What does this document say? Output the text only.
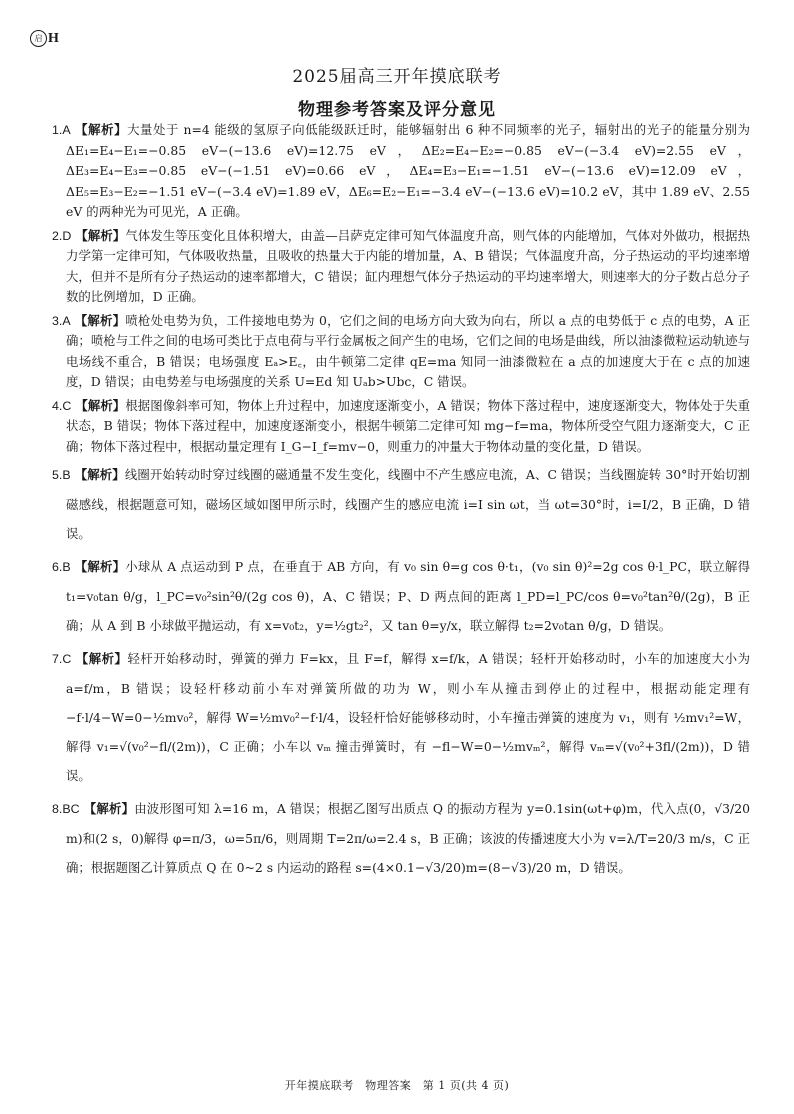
启 H
2025届高三开年摸底联考
物理参考答案及评分意见
1.A 【解析】大量处于 n=4 能级的氢原子向低能级跃迁时，能够辐射出 6 种不同频率的光子，辐射出的光子的能量分别为 ΔE₁=E₄−E₁=−0.85 eV−(−13.6 eV)=12.75 eV，ΔE₂=E₄−E₂=−0.85 eV−(−3.4 eV)=2.55 eV，ΔE₃=E₄−E₃=−0.85 eV−(−1.51 eV)=0.66 eV，ΔE₄=E₃−E₁=−1.51 eV−(−13.6 eV)=12.09 eV，ΔE₅=E₃−E₂=−1.51 eV−(−3.4 eV)=1.89 eV，ΔE₆=E₂−E₁=−3.4 eV−(−13.6 eV)=10.2 eV，其中 1.89 eV、2.55 eV 的两种光为可见光，A 正确。
2.D 【解析】气体发生等压变化且体积增大，由盖—吕萨克定律可知气体温度升高，则气体的内能增加，气体对外做功，根据热力学第一定律可知，气体吸收热量，且吸收的热量大于内能的增加量，A、B 错误；气体温度升高，分子热运动的平均速率增大，但并不是所有分子热运动的速率都增大，C 错误；缸内理想气体分子热运动的平均速率增大，则速率大的分子数占总分子数的比例增加，D 正确。
3.A 【解析】喷枪处电势为负，工件接地电势为 0，它们之间的电场方向大致为向右，所以 a 点的电势低于 c 点的电势，A 正确；喷枪与工件之间的电场可类比于点电荷与平行金属板之间产生的电场，它们之间的电场是曲线，所以油漆微粒运动轨迹与电场线不重合，B 错误；电场强度 Eₐ>E꜀，由牛顿第二定律 qE=ma 知同一油漆微粒在 a 点的加速度大于在 c 点的加速度，D 错误；由电势差与电场强度的关系 U=Ed 知 Uₐb>Ubc，C 错误。
4.C 【解析】根据图像斜率可知，物体上升过程中，加速度逐渐变小，A 错误；物体下落过程中，速度逐渐变大，物体处于失重状态，B 错误；物体下落过程中，加速度逐渐变小，根据牛顿第二定律可知 mg−f=ma，物体所受空气阻力逐渐变大，C 正确；物体下落过程中，根据动量定理有 I_G−I_f=mv−0，则重力的冲量大于物体动量的变化量，D 错误。
5.B 【解析】线圈开始转动时穿过线圈的磁通量不发生变化，线圈中不产生感应电流，A、C 错误；当线圈旋转 30°时开始切割磁感线，根据题意可知，磁场区域如图甲所示时，线圈产生的感应电流 i=I sin ωt，当 ωt=30°时，i=I/2，B 正确，D 错误。
6.B 【解析】小球从 A 点运动到 P 点，在垂直于 AB 方向，有 v₀ sin θ=g cos θ·t₁，(v₀ sin θ)²=2g cos θ·l_PC，联立解得 t₁=v₀tan θ/g，l_PC=v₀²sin²θ/(2g cos θ)，A、C 错误；P、D 两点间的距离 l_PD=l_PC/cos θ=v₀²tan²θ/(2g)，B 正确；从 A 到 B 小球做平抛运动，有 x=v₀t₂，y=½gt₂²，又 tan θ=y/x，联立解得 t₂=2v₀tan θ/g，D 错误。
7.C 【解析】轻杆开始移动时，弹簧的弹力 F=kx，且 F=f，解得 x=f/k，A 错误；轻杆开始移动时，小车的加速度大小为 a=f/m，B 错误；设轻杆移动前小车对弹簧所做的功为 W，则小车从撞击到停止的过程中，根据动能定理有 −f·l/4−W=0−½mv₀²，解得 W=½mv₀²−f·l/4，设轻杆恰好能够移动时，小车撞击弹簧的速度为 v₁，则有 ½mv₁²=W，解得 v₁=√(v₀²−fl/(2m))，C 正确；小车以 vₘ 撞击弹簧时，有 −fl−W=0−½mvₘ²，解得 vₘ=√(v₀²+3fl/(2m))，D 错误。
8.BC 【解析】由波形图可知 λ=16 m，A 错误；根据乙图写出质点 Q 的振动方程为 y=0.1sin(ωt+φ)m，代入点(0，√3/20 m)和(2 s，0)解得 φ=π/3，ω=5π/6，则周期 T=2π/ω=2.4 s，B 正确；该波的传播速度大小为 v=λ/T=20/3 m/s，C 正确；根据题图乙计算质点 Q 在 0~2 s 内运动的路程 s=(4×0.1−√3/20)m=(8−√3)/20 m，D 错误。
开年摸底联考　物理答案　第 1 页(共 4 页)
